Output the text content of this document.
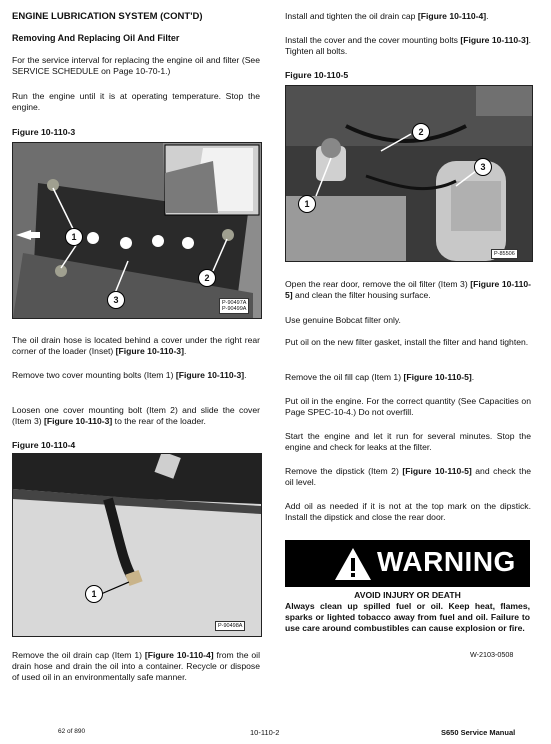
ENGINE LUBRICATION SYSTEM (CONT'D)
Removing And Replacing Oil And Filter

For the service interval for replacing the engine oil and filter (See SERVICE SCHEDULE on Page 10-70-1.)

Run the engine until it is at operating temperature. Stop the engine.

Figure 10-110-3
1
2
3	P-90497A
P-90499A

The oil drain hose is located behind a cover under the right rear corner of the loader (Inset) [Figure 10-110-3].

Remove two cover mounting bolts (Item 1) [Figure 10-110-3].

Loosen one cover mounting bolt (Item 2) and slide the cover (Item 3) [Figure 10-110-3] to the rear of the loader.

Figure 10-110-4
1
P-90498A

Remove the oil drain cap (Item 1) [Figure 10-110-4] from the oil drain hose and drain the oil into a container. Recycle or dispose of used oil in an environmentally safe manner.

Install and tighten the oil drain cap [Figure 10-110-4].

Install the cover and the cover mounting bolts [Figure 10-110-3]. Tighten all bolts.

Figure 10-110-5
1
2
3
P-85506

Open the rear door, remove the oil filter (Item 3) [Figure 10-110-5] and clean the filter housing surface.

Use genuine Bobcat filter only.

Put oil on the new filter gasket, install the filter and hand tighten.

Remove the oil fill cap (Item 1) [Figure 10-110-5].

Put oil in the engine. For the correct quantity (See Capacities on Page SPEC-10-4.) Do not overfill.

Start the engine and let it run for several minutes. Stop the engine and check for leaks at the filter.

Remove the dipstick (Item 2) [Figure 10-110-5] and check the oil level.

Add oil as needed if it is not at the top mark on the dipstick. Install the dipstick and close the rear door.

WARNING
AVOID INJURY OR DEATH

Always clean up spilled fuel or oil. Keep heat, flames, sparks or lighted tobacco away from fuel and oil. Failure to use care around combustibles can cause explosion or fire.

W-2103-0508
62 of 890	10-110-2	S650 Service Manual
